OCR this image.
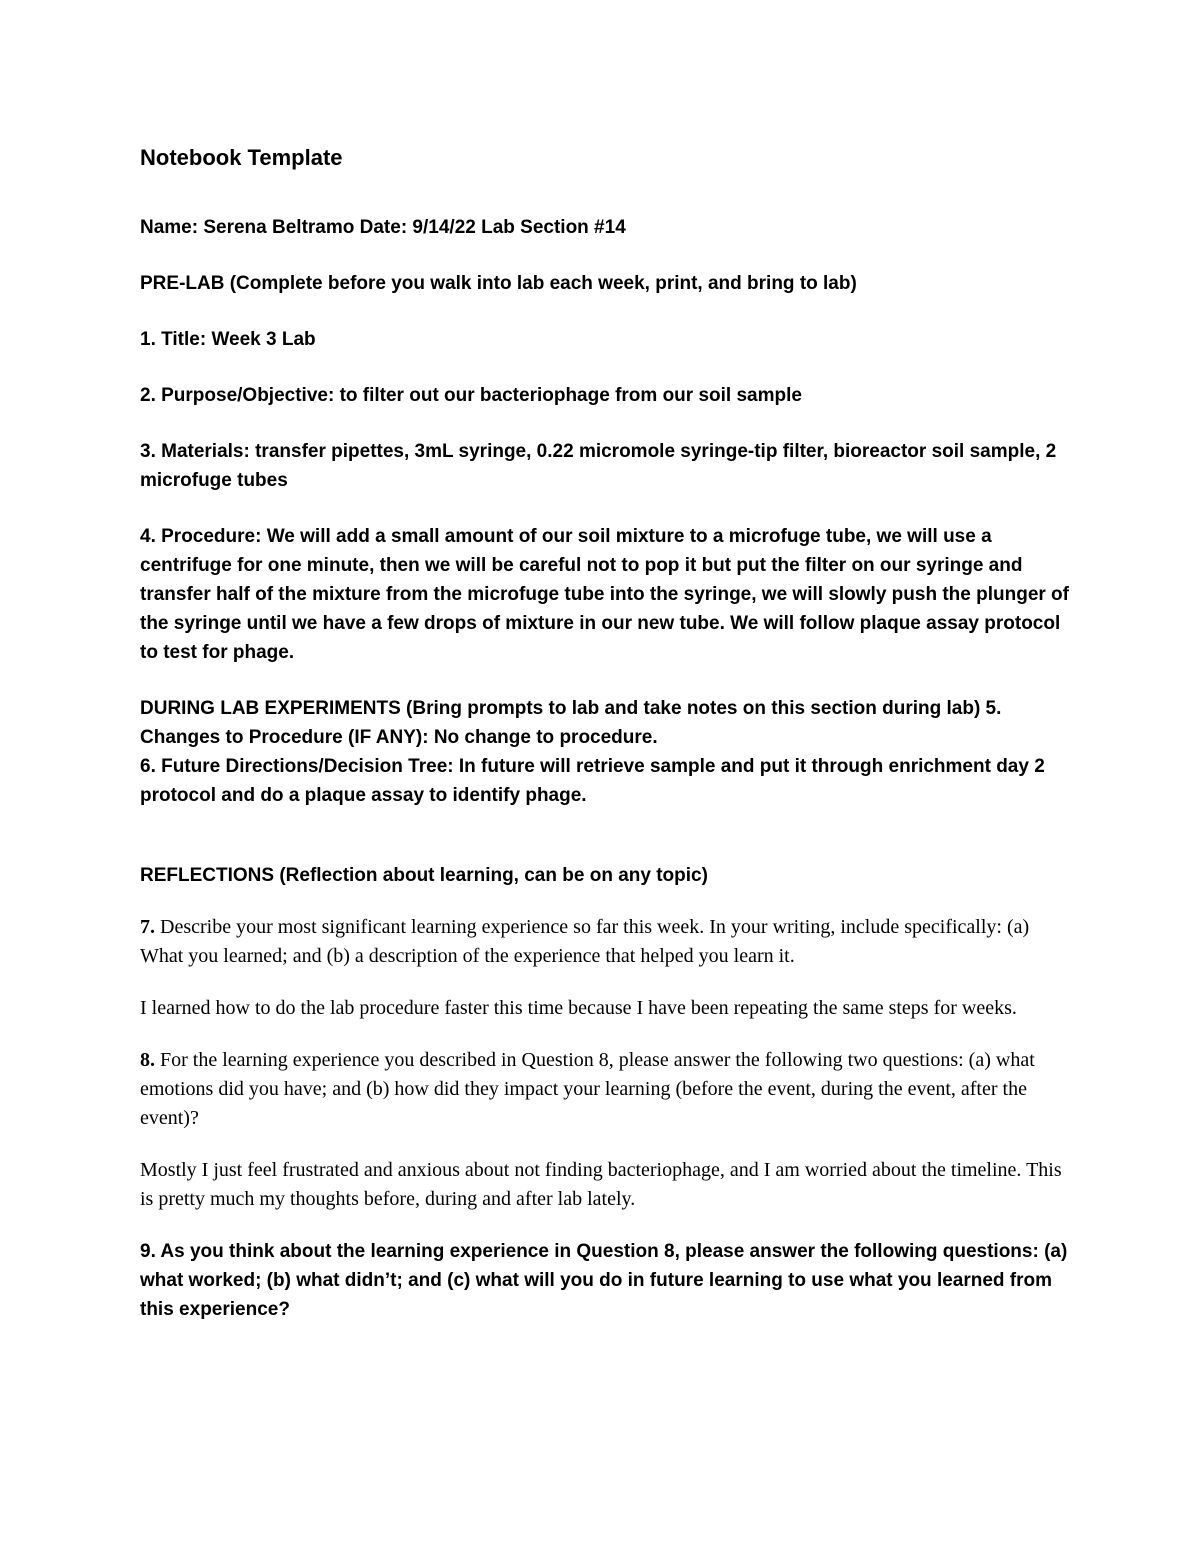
Notebook Template

Name: Serena Beltramo Date: 9/14/22 Lab Section #14

PRE-LAB (Complete before you walk into lab each week, print, and bring to lab)

1. Title: Week 3 Lab

2. Purpose/Objective: to filter out our bacteriophage from our soil sample

3. Materials: transfer pipettes, 3mL syringe, 0.22 micromole syringe-tip filter, bioreactor soil sample, 2 microfuge tubes

4. Procedure: We will add a small amount of our soil mixture to a microfuge tube, we will use a centrifuge for one minute, then we will be careful not to pop it but put the filter on our syringe and transfer half of the mixture from the microfuge tube into the syringe, we will slowly push the plunger of the syringe until we have a few drops of mixture in our new tube. We will follow plaque assay protocol to test for phage.

DURING LAB EXPERIMENTS (Bring prompts to lab and take notes on this section during lab) 5. Changes to Procedure (IF ANY): No change to procedure.

6. Future Directions/Decision Tree: In future will retrieve sample and put it through enrichment day 2 protocol and do a plaque assay to identify phage.

REFLECTIONS (Reflection about learning, can be on any topic)

7. Describe your most significant learning experience so far this week. In your writing, include specifically: (a) What you learned; and (b) a description of the experience that helped you learn it.

I learned how to do the lab procedure faster this time because I have been repeating the same steps for weeks.

8. For the learning experience you described in Question 8, please answer the following two questions: (a) what emotions did you have; and (b) how did they impact your learning (before the event, during the event, after the event)?

Mostly I just feel frustrated and anxious about not finding bacteriophage, and I am worried about the timeline. This is pretty much my thoughts before, during and after lab lately.

9. As you think about the learning experience in Question 8, please answer the following questions: (a) what worked; (b) what didn’t; and (c) what will you do in future learning to use what you learned from this experience?
